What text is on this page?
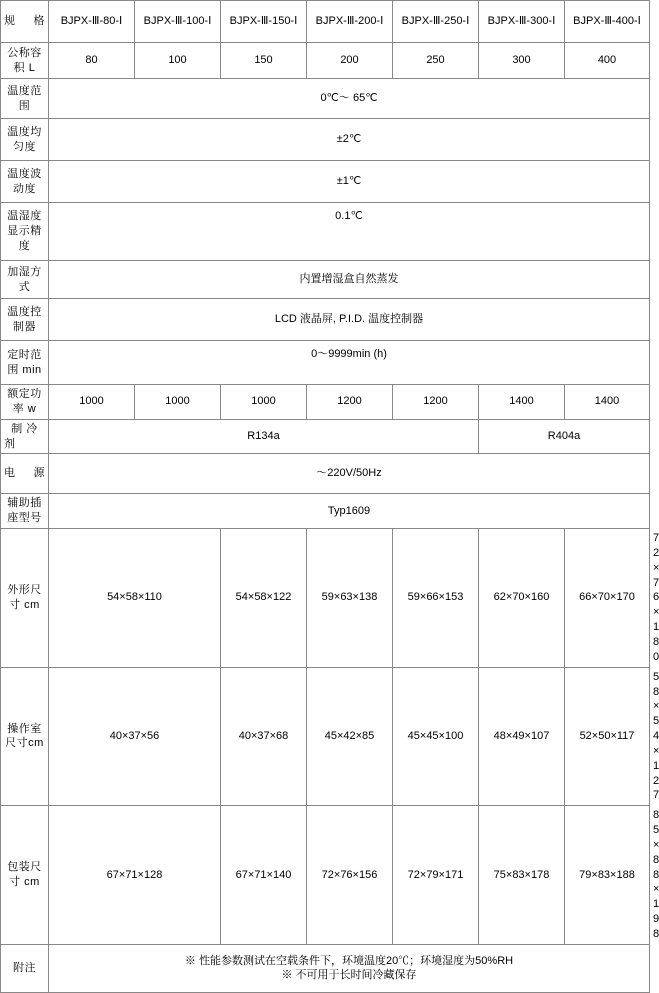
规 格	BJPX-Ⅲ-80-Ⅰ	BJPX-Ⅲ-100-Ⅰ	BJPX-Ⅲ-150-Ⅰ	BJPX-Ⅲ-200-Ⅰ	BJPX-Ⅲ-250-Ⅰ	BJPX-Ⅲ-300-Ⅰ	BJPX-Ⅲ-400-Ⅰ	
公称容积 L	80	100	150	200	250	300	400	
温度范围	0℃～ 65℃							
温度均匀度	±2℃							
温度波动度	±1℃							
温湿度显示精度	0.1℃							
加湿方式	内置增湿盒自然蒸发							
温度控制器	LCD 液晶屏, P.I.D. 温度控制器							
定时范围 min	0～9999min (h)							
额定功率 w	1000	1000	1000	1200	1200	1400	1400	
制 冷 剂	R134a					R404a		
电 源	～220V/50Hz							
辅助插座型号	Typ1609							
外形尺寸 cm	54×58×110		54×58×122	59×63×138	59×66×153	62×70×160	66×70×170	72×76×180
操作室尺寸cm	40×37×56		40×37×68	45×42×85	45×45×100	48×49×107	52×50×117	58×54×127
包装尺寸 cm	67×71×128		67×71×140	72×76×156	72×79×171	75×83×178	79×83×188	85×88×198
附注	※ 性能参数测试在空载条件下，环境温度20℃；环境湿度为50%RH
※ 不可用于长时间冷藏保存							
